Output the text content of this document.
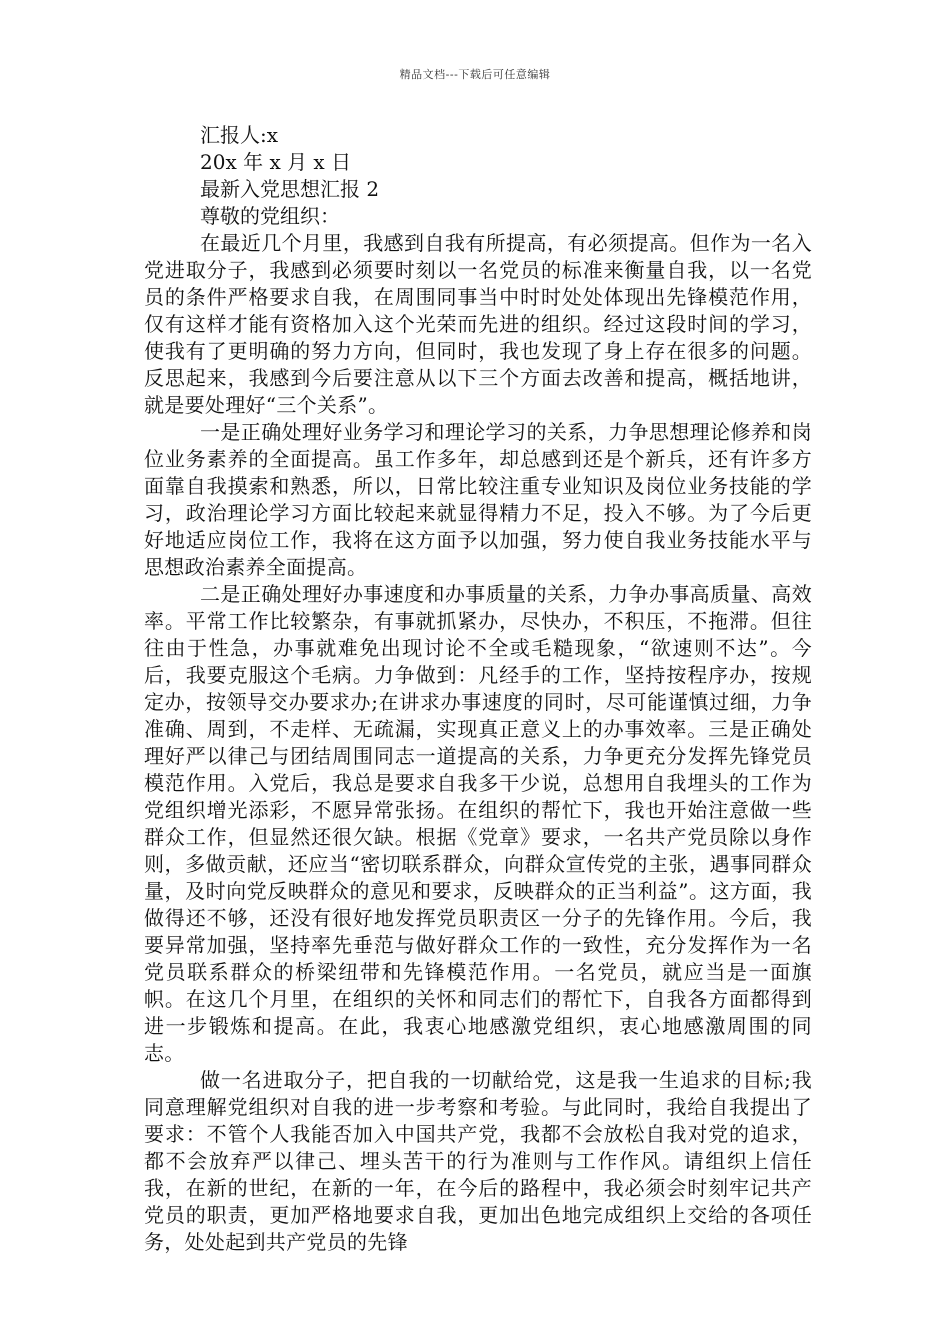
精品文档---下载后可任意编辑
汇报人:x
20x 年 x 月 x 日
最新入党思想汇报 2
尊敬的党组织：

在最近几个月里，我感到自我有所提高，有必须提高。但作为一名入党进取分子，我感到必须要时刻以一名党员的标准来衡量自我，以一名党员的条件严格要求自我，在周围同事当中时时处处体现出先锋模范作用，仅有这样才能有资格加入这个光荣而先进的组织。经过这段时间的学习，使我有了更明确的努力方向，但同时，我也发现了身上存在很多的问题。反思起来，我感到今后要注意从以下三个方面去改善和提高，概括地讲，就是要处理好“三个关系”。

一是正确处理好业务学习和理论学习的关系，力争思想理论修养和岗位业务素养的全面提高。虽工作多年，却总感到还是个新兵，还有许多方面靠自我摸索和熟悉，所以，日常比较注重专业知识及岗位业务技能的学习，政治理论学习方面比较起来就显得精力不足，投入不够。为了今后更好地适应岗位工作，我将在这方面予以加强，努力使自我业务技能水平与思想政治素养全面提高。

二是正确处理好办事速度和办事质量的关系，力争办事高质量、高效率。平常工作比较繁杂，有事就抓紧办，尽快办，不积压，不拖滞。但往往由于性急，办事就难免出现讨论不全或毛糙现象，“欲速则不达”。今后，我要克服这个毛病。力争做到：凡经手的工作，坚持按程序办，按规定办，按领导交办要求办;在讲求办事速度的同时，尽可能谨慎过细，力争准确、周到，不走样、无疏漏，实现真正意义上的办事效率。三是正确处理好严以律己与团结周围同志一道提高的关系，力争更充分发挥先锋党员模范作用。入党后，我总是要求自我多干少说，总想用自我埋头的工作为党组织增光添彩，不愿异常张扬。在组织的帮忙下，我也开始注意做一些群众工作，但显然还很欠缺。根据《党章》要求，一名共产党员除以身作则，多做贡献，还应当“密切联系群众，向群众宣传党的主张，遇事同群众量，及时向党反映群众的意见和要求，反映群众的正当利益”。这方面，我做得还不够，还没有很好地发挥党员职责区一分子的先锋作用。今后，我要异常加强，坚持率先垂范与做好群众工作的一致性，充分发挥作为一名党员联系群众的桥梁纽带和先锋模范作用。一名党员，就应当是一面旗帜。在这几个月里，在组织的关怀和同志们的帮忙下，自我各方面都得到进一步锻炼和提高。在此，我衷心地感激党组织，衷心地感激周围的同志。

做一名进取分子，把自我的一切献给党，这是我一生追求的目标;我同意理解党组织对自我的进一步考察和考验。与此同时，我给自我提出了要求：不管个人我能否加入中国共产党，我都不会放松自我对党的追求，都不会放弃严以律己、埋头苦干的行为准则与工作作风。请组织上信任我，在新的世纪，在新的一年，在今后的路程中，我必须会时刻牢记共产党员的职责，更加严格地要求自我，更加出色地完成组织上交给的各项任务，处处起到共产党员的先锋
